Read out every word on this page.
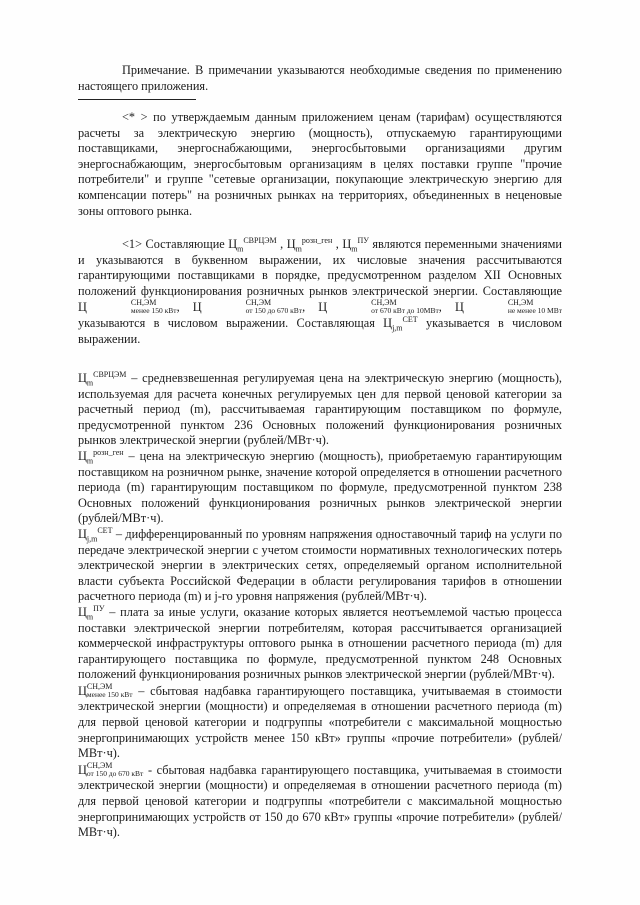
Примечание. В примечании указываются необходимые сведения по применению настоящего приложения.

<* > по утверждаемым данным приложением ценам (тарифам) осуществляются расчеты за электрическую энергию (мощность), отпускаемую гарантирующими поставщиками, энергоснабжающими, энергосбытовыми организациями другим энергоснабжающим, энергосбытовым организациям в целях поставки группе "прочие потребители" и группе "сетевые организации, покупающие электрическую энергию для компенсации потерь" на розничных рынках на территориях, объединенных в неценовые зоны оптового рынка.

<1> Составляющие $Ц_m^{СВРЦЭМ}$ , $Ц_m^{розн\_ген}$ , $Ц_m^{ПУ}$ являются переменными значениями и указываются в буквенном выражении, их числовые значения рассчитываются гарантирующими поставщиками в порядке, предусмотренном разделом XII Основных положений функционирования розничных рынков электрической энергии. Составляющие Ц	СН,ЭМ
менее 150 кВт , Ц	СН,ЭМ
от 150 до 670 кВт , Ц	СН,ЭМ
от 670 кВт до 10МВт , Ц	СН,ЭМ
не менее 10 МВт
указываются в числовом выражении. Составляющая $Ц_{j,m}^{СЕТ}$ указывается в числовом выражении.

$Ц_m^{СВРЦЭМ}$ – средневзвешенная регулируемая цена на электрическую энергию (мощность), используемая для расчета конечных регулируемых цен для первой ценовой категории за расчетный период (m), рассчитываемая гарантирующим поставщиком по формуле, предусмотренной пунктом 236 Основных положений функционирования розничных рынков электрической энергии (рублей/МВт·ч).

$Ц_m^{розн\_ген}$ – цена на электрическую энергию (мощность), приобретаемую гарантирующим поставщиком на розничном рынке, значение которой определяется в отношении расчетного периода (m) гарантирующим поставщиком по формуле, предусмотренной пунктом 238 Основных положений функционирования розничных рынков электрической энергии (рублей/МВт·ч).

$Ц_{j,m}^{СЕТ}$ – дифференцированный по уровням напряжения одноставочный тариф на услуги по передаче электрической энергии с учетом стоимости нормативных технологических потерь электрической энергии в электрических сетях, определяемый органом исполнительной власти субъекта Российской Федерации в области регулирования тарифов в отношении расчетного периода (m) и j-го уровня напряжения (рублей/МВт·ч).

$Ц_m^{ПУ}$ – плата за иные услуги, оказание которых является неотъемлемой частью процесса поставки электрической энергии потребителям, которая рассчитывается организацией коммерческой инфраструктуры оптового рынка в отношении расчетного периода (m) для гарантирующего поставщика по формуле, предусмотренной пунктом 248 Основных положений функционирования розничных рынков электрической энергии (рублей/МВт·ч).

Ц СН,ЭМ
менее 150 кВт – сбытовая надбавка гарантирующего поставщика, учитываемая в стоимости электрической энергии (мощности) и определяемая в отношении расчетного периода (m) для первой ценовой категории и подгруппы «потребители с максимальной мощностью энергопринимающих устройств менее 150 кВт» группы «прочие потребители» (рублей/МВт·ч).

Ц СН,ЭМ
от 150 до 670 кВт - сбытовая надбавка гарантирующего поставщика, учитываемая в стоимости электрической энергии (мощности) и определяемая в отношении расчетного периода (m) для первой ценовой категории и подгруппы «потребители с максимальной мощностью энергопринимающих устройств от 150 до 670 кВт» группы «прочие потребители» (рублей/МВт·ч).
